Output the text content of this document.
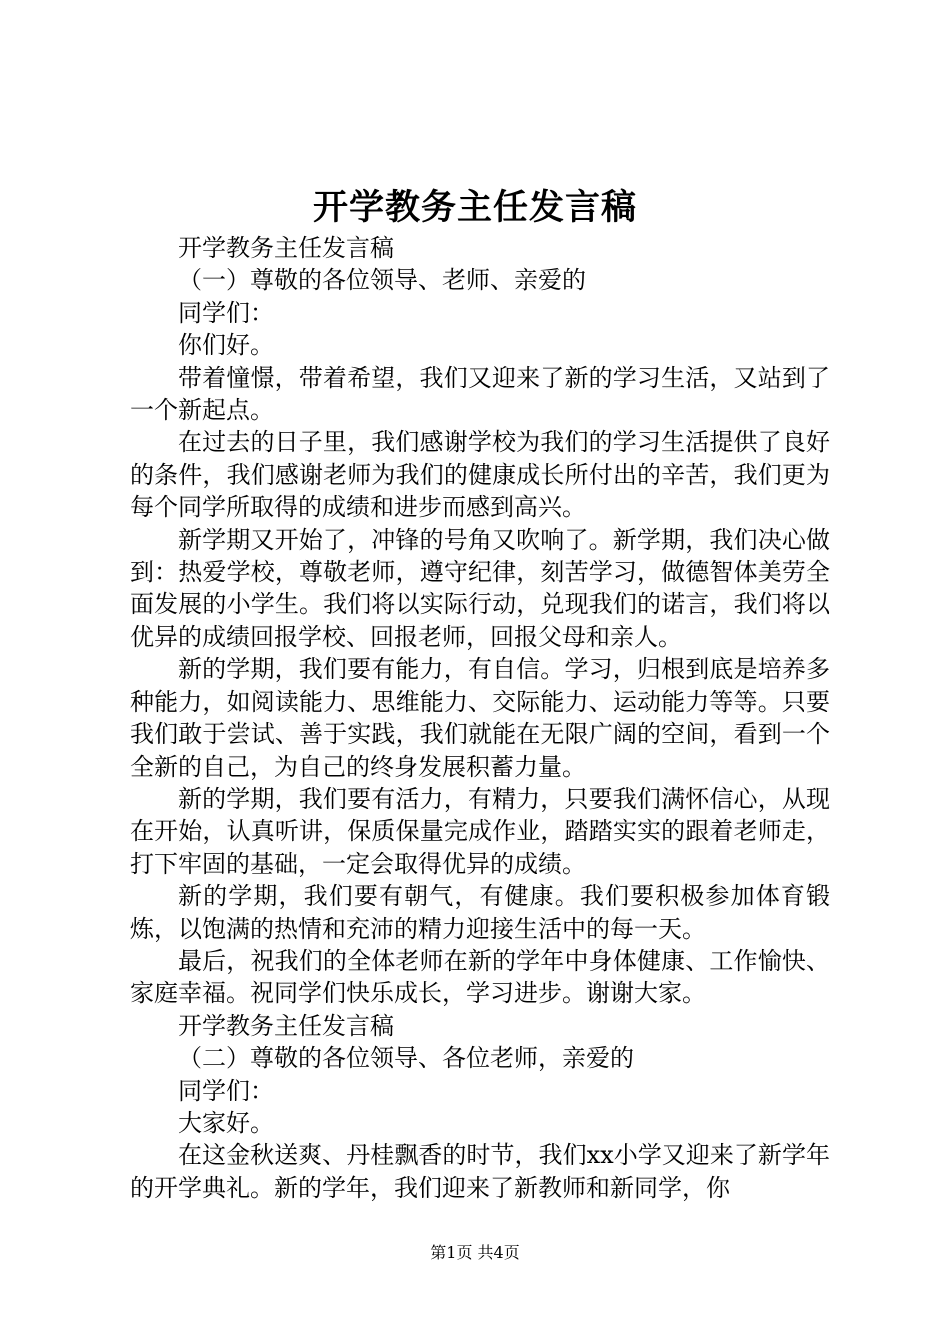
开学教务主任发言稿

开学教务主任发言稿

（一）尊敬的各位领导、老师、亲爱的

同学们：

你们好。

带着憧憬，带着希望，我们又迎来了新的学习生活，又站到了一个新起点。

在过去的日子里，我们感谢学校为我们的学习生活提供了良好的条件，我们感谢老师为我们的健康成长所付出的辛苦，我们更为每个同学所取得的成绩和进步而感到高兴。

新学期又开始了，冲锋的号角又吹响了。新学期，我们决心做到：热爱学校，尊敬老师，遵守纪律，刻苦学习，做德智体美劳全面发展的小学生。我们将以实际行动，兑现我们的诺言，我们将以优异的成绩回报学校、回报老师，回报父母和亲人。

新的学期，我们要有能力，有自信。学习，归根到底是培养多种能力，如阅读能力、思维能力、交际能力、运动能力等等。只要我们敢于尝试、善于实践，我们就能在无限广阔的空间，看到一个全新的自己，为自己的终身发展积蓄力量。

新的学期，我们要有活力，有精力，只要我们满怀信心，从现在开始，认真听讲，保质保量完成作业，踏踏实实的跟着老师走，打下牢固的基础，一定会取得优异的成绩。

新的学期，我们要有朝气，有健康。我们要积极参加体育锻炼，以饱满的热情和充沛的精力迎接生活中的每一天。

最后，祝我们的全体老师在新的学年中身体健康、工作愉快、家庭幸福。祝同学们快乐成长，学习进步。谢谢大家。

开学教务主任发言稿

（二）尊敬的各位领导、各位老师，亲爱的

同学们：

大家好。

在这金秋送爽、丹桂飘香的时节，我们xx小学又迎来了新学年的开学典礼。新的学年，我们迎来了新教师和新同学，你

第1页 共4页
